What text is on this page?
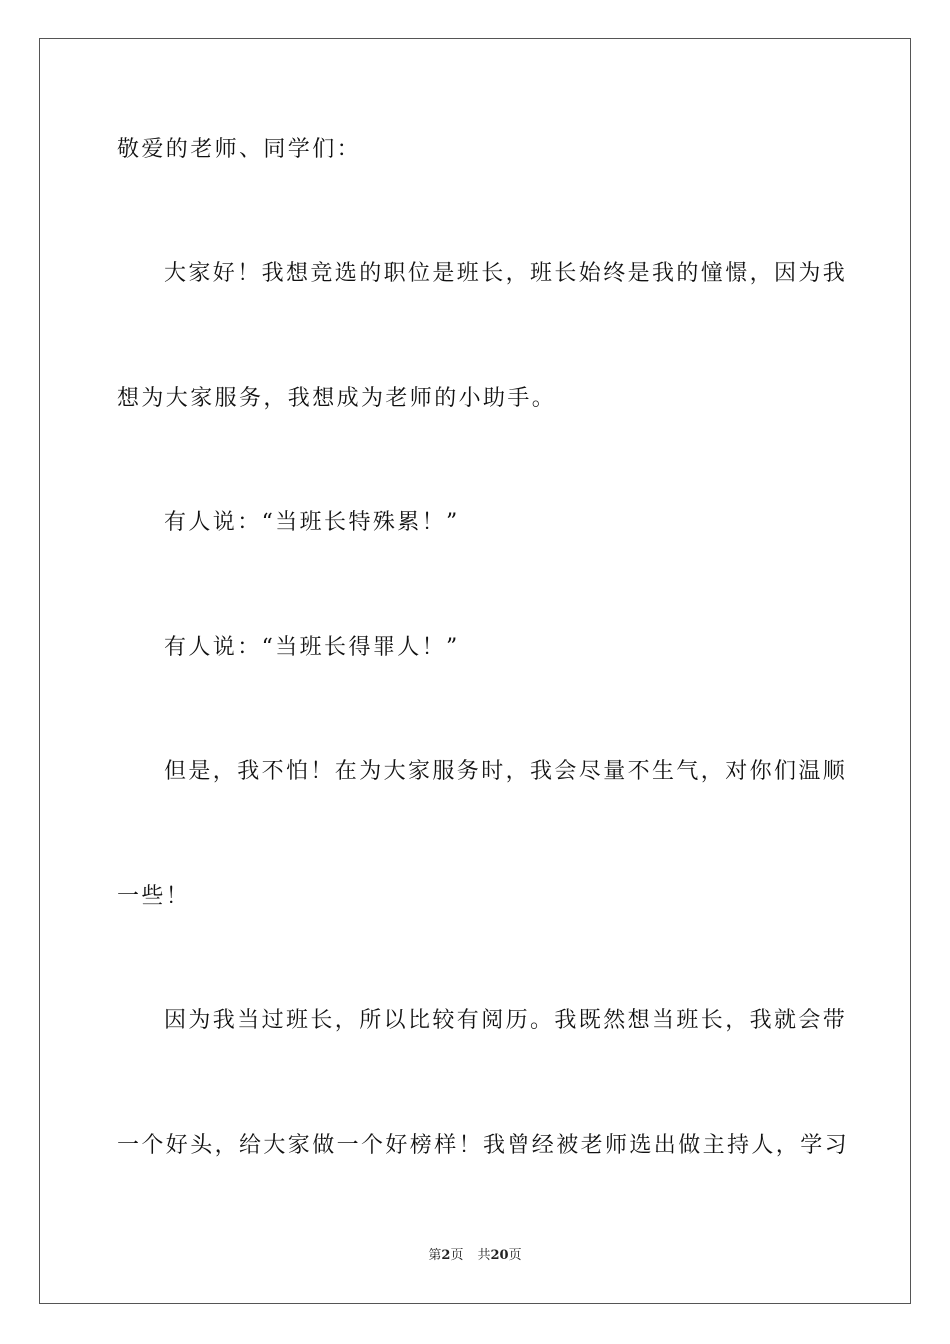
敬爱的老师、同学们：
大家好！我想竞选的职位是班长，班长始终是我的憧憬，因为我
想为大家服务，我想成为老师的小助手。
有人说：“当班长特殊累！”
有人说：“当班长得罪人！”
但是，我不怕！在为大家服务时，我会尽量不生气，对你们温顺
一些！
因为我当过班长，所以比较有阅历。我既然想当班长，我就会带
一个好头，给大家做一个好榜样！我曾经被老师选出做主持人，学习
第2页 共20页
